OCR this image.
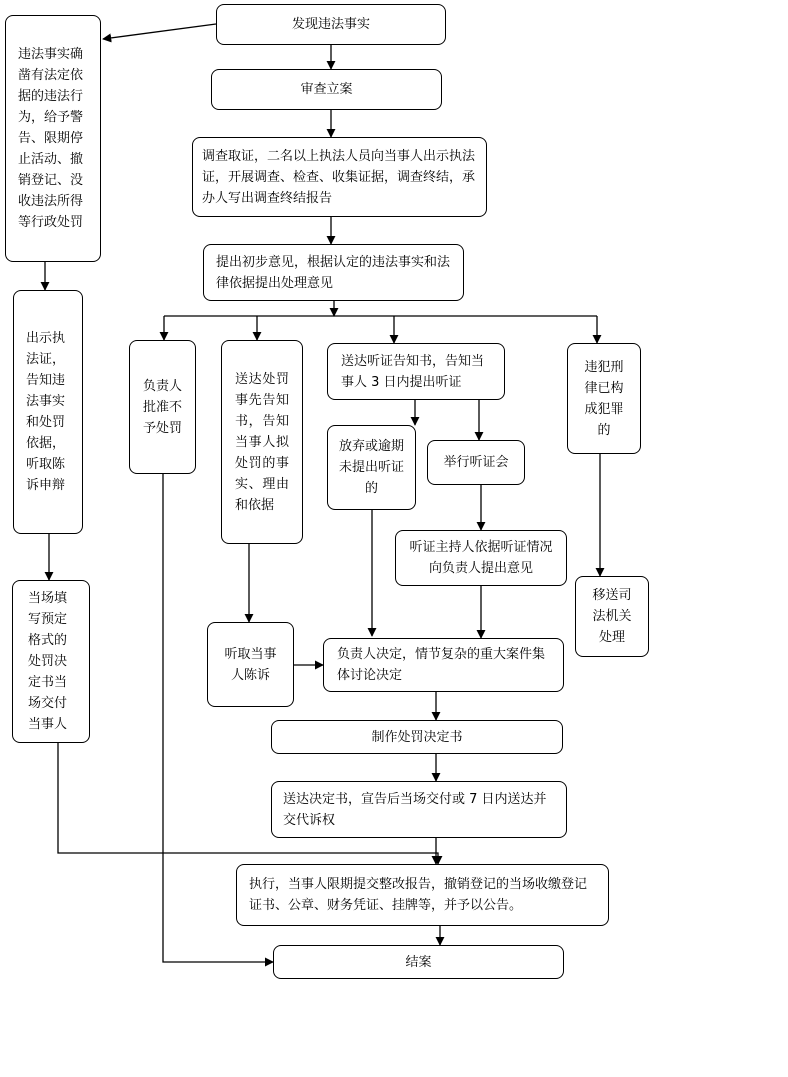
发现违法事实
审查立案
调查取证，二名以上执法人员向当事人出示执法证，开展调查、检查、收集证据，调查终结，承办人写出调查终结报告
提出初步意见，根据认定的违法事实和法律依据提出处理意见
违法事实确凿有法定依据的违法行为，给予警告、限期停止活动、撤销登记、没收违法所得等行政处罚
出示执法证，告知违法事实和处罚依据，听取陈诉申辩
当场填写预定格式的处罚决定书当场交付当事人
负责人批准不予处罚
送达处罚事先告知书，告知当事人拟处罚的事实、理由和依据
送达听证告知书，告知当事人 3 日内提出听证
放弃或逾期未提出听证的
举行听证会
听证主持人依据听证情况向负责人提出意见
违犯刑律已构成犯罪的
移送司法机关处理
听取当事人陈诉
负责人决定，情节复杂的重大案件集体讨论决定
制作处罚决定书
送达决定书，宣告后当场交付或 7 日内送达并交代诉权
执行，当事人限期提交整改报告，撤销登记的当场收缴登记证书、公章、财务凭证、挂牌等，并予以公告。
结案
